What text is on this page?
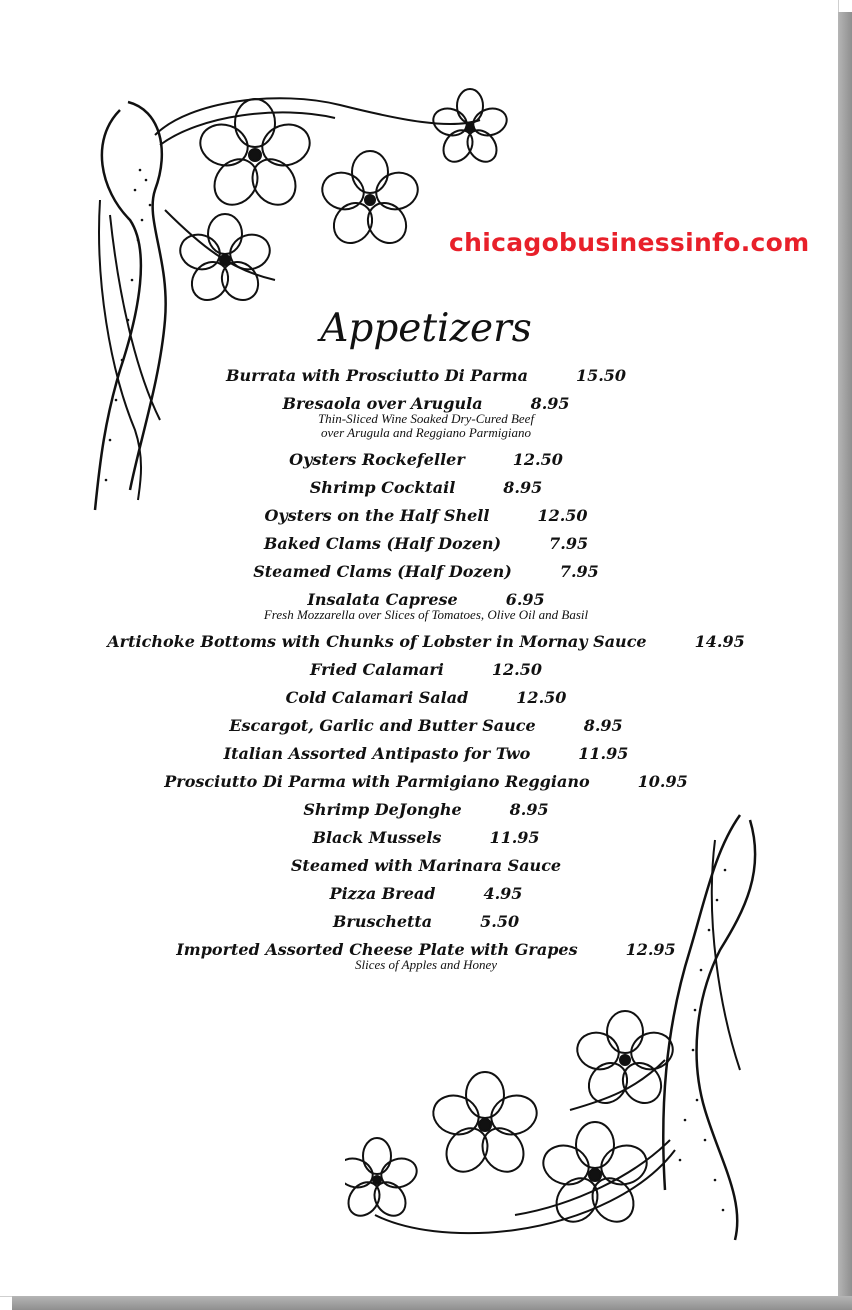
chicagobusinessinfo.com
Appetizers
Burrata with Prosciutto Di Parma	15.50
Bresaola over Arugula	8.95
Thin-Sliced Wine Soaked Dry-Cured Beef
over Arugula and Reggiano Parmigiano
Oysters Rockefeller	12.50
Shrimp Cocktail	8.95
Oysters on the Half Shell	12.50
Baked Clams (Half Dozen)	7.95
Steamed Clams (Half Dozen)	7.95
Insalata Caprese	6.95
Fresh Mozzarella over Slices of Tomatoes, Olive Oil and Basil
Artichoke Bottoms with Chunks of Lobster in Mornay Sauce	14.95
Fried Calamari	12.50
Cold Calamari Salad	12.50
Escargot, Garlic and Butter Sauce	8.95
Italian Assorted Antipasto for Two	11.95
Prosciutto Di Parma with Parmigiano Reggiano	10.95
Shrimp DeJonghe	8.95
Black Mussels	11.95
Steamed with Marinara Sauce
Pizza Bread	4.95
Bruschetta	5.50
Imported Assorted Cheese Plate with Grapes	12.95
Slices of Apples and Honey
